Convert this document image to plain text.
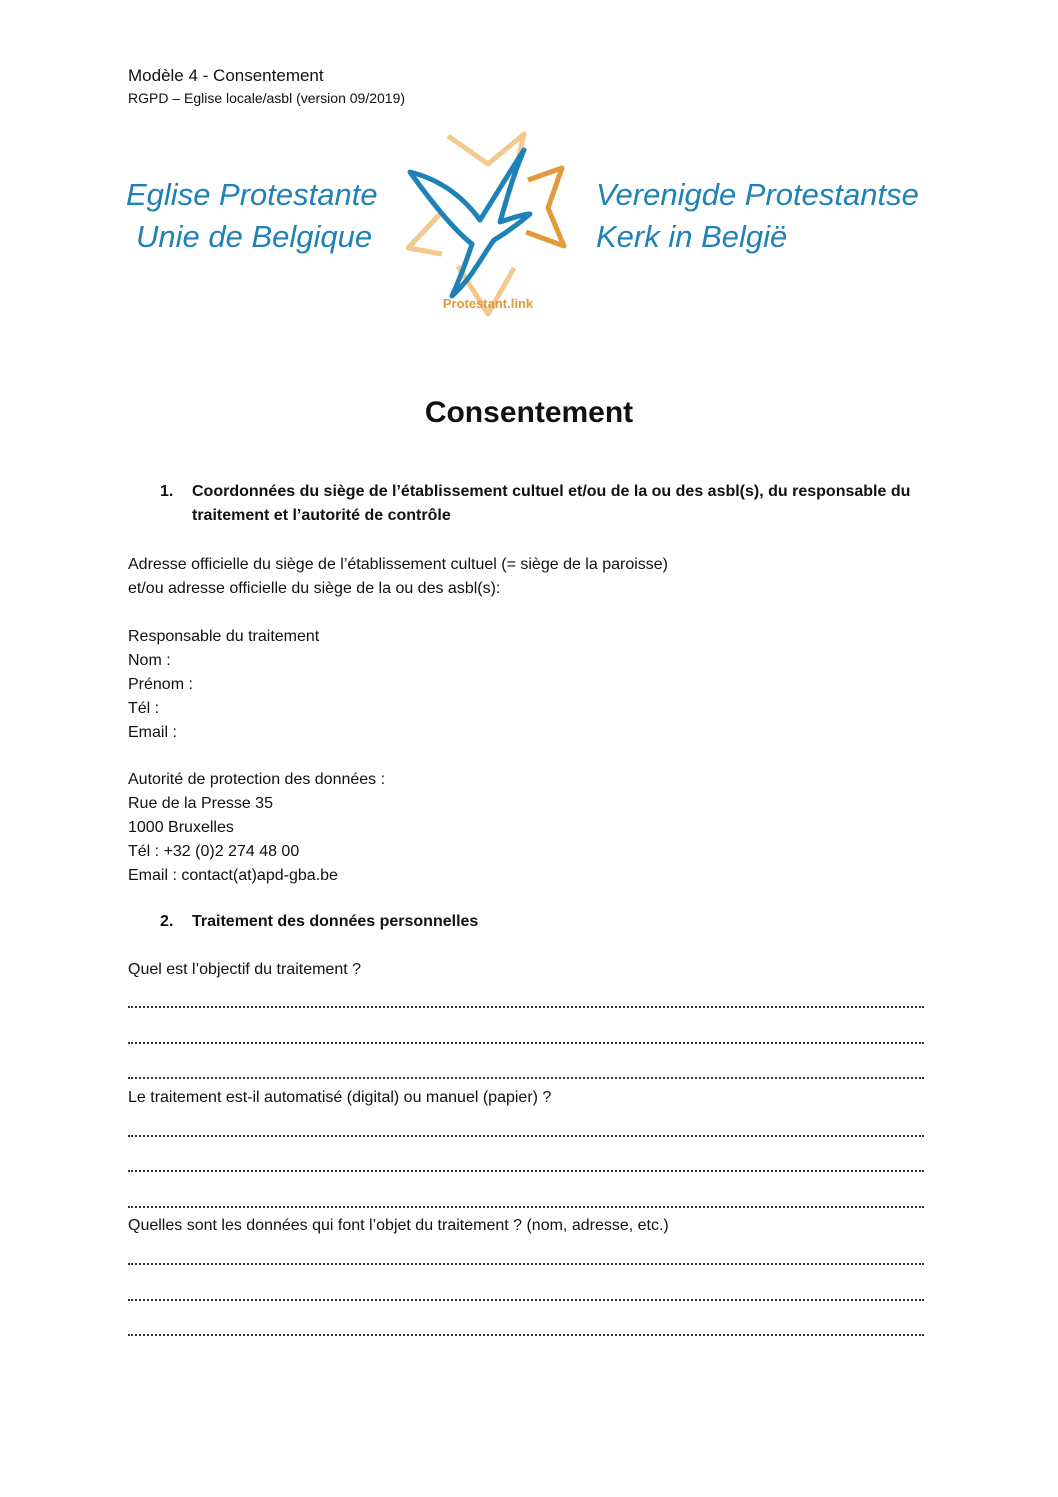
Modèle 4 - Consentement
RGPD – Eglise locale/asbl (version 09/2019)
Eglise Protestante
Unie de Belgique
Protestant.link
Verenigde Protestantse
Kerk in België
Consentement
1. Coordonnées du siège de l’établissement cultuel et/ou de la ou des asbl(s), du responsable du traitement et l’autorité de contrôle
Adresse officielle du siège de l’établissement cultuel (= siège de la paroisse)
et/ou adresse officielle du siège de la ou des asbl(s):
Responsable du traitement
Nom :
Prénom :
Tél :
Email :
Autorité de protection des données :
Rue de la Presse 35
1000 Bruxelles
Tél : +32 (0)2 274 48 00
Email : contact(at)apd-gba.be
2. Traitement des données personnelles
Quel est l’objectif du traitement ?
Le traitement est-il automatisé (digital) ou manuel (papier) ?
Quelles sont les données qui font l’objet du traitement ? (nom, adresse, etc.)
